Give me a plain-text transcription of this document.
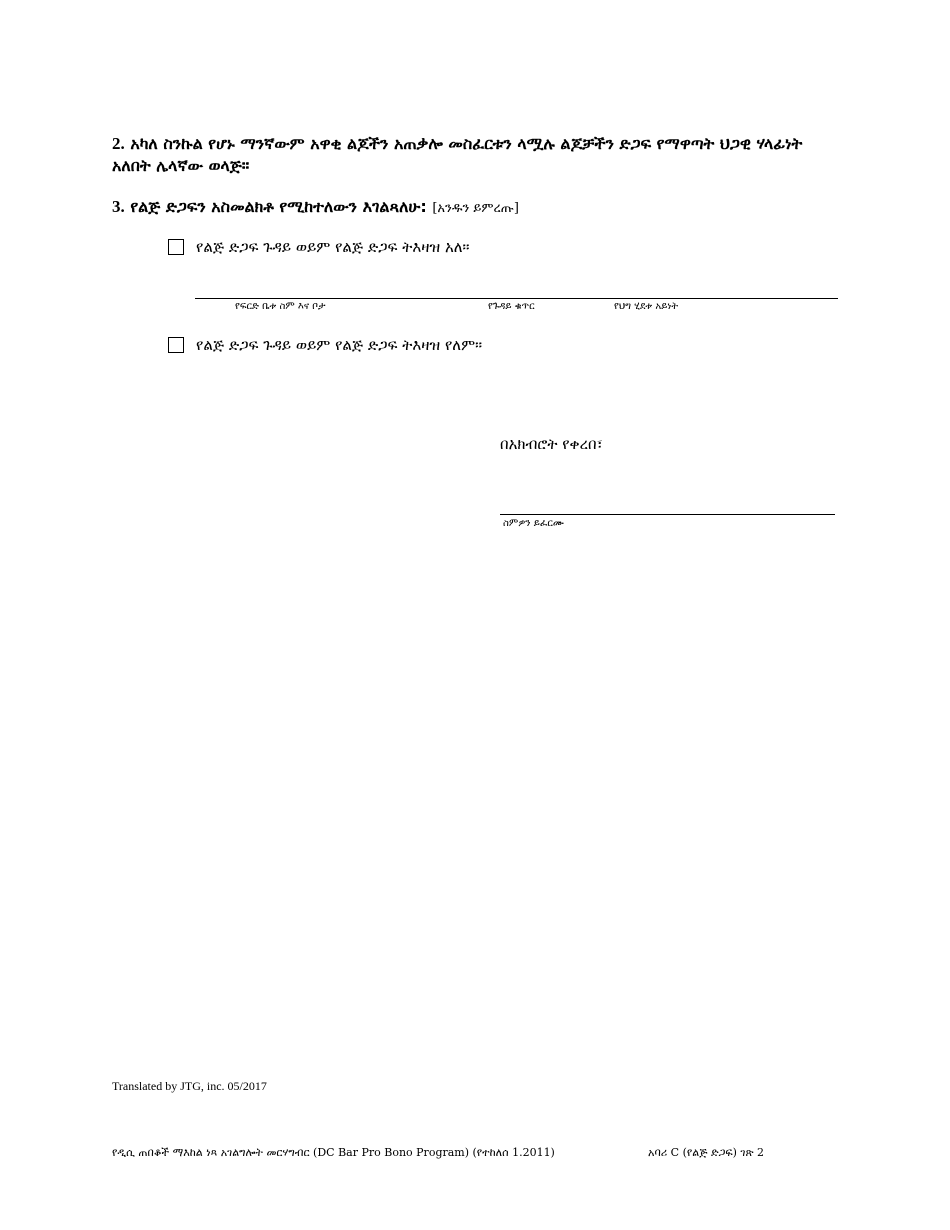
2. አካለ ስንኩል የሆኑ ማንኛውም አዋቂ ልጆችን አጠቃሎ መስፈርቱን ላሟሉ ልጆቻችን ድጋፍ የማዋጣት ህጋዊ ሃላፊነት አለበት ሌላኛው ወላጅ።
3. የልጅ ድጋፍን አስመልክቶ የሚከተለውን እገልጻለሁ: [አንዱን ይምረጡ]
የልጅ ድጋፍ ጉዳይ ወይም የልጅ ድጋፍ ትእዛዝ አለ።
የፍርድ ቤቱ ስም እና ቦታ	የጉዳይ ቁጥር	የህግ ሂደቱ አይነት
የልጅ ድጋፍ ጉዳይ ወይም የልጅ ድጋፍ ትእዛዝ የለም።
በአክብሮት የቀረበ፣
ስምዎን ይፈርሙ
Translated by JTG, inc. 05/2017
የዲሲ ጠበቆች ማእከል ነጻ አገልግሎት መርሃግብር (DC Bar Pro Bono Program) (የተከለሰ 1.2011)	አባሪ C (የልጅ ድጋፍ) ገጽ 2
